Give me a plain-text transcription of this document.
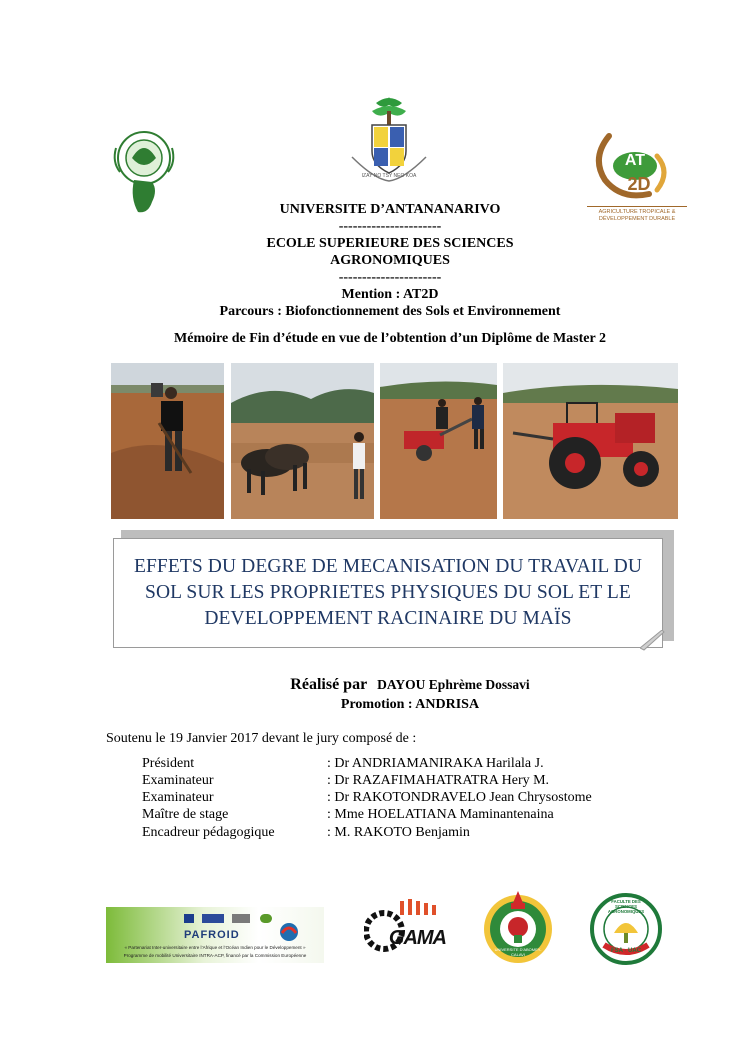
IZAY NO TSY NEO KOA
AT
2D
AGRICULTURE TROPICALE &
DÉVELOPPEMENT DURABLE
UNIVERSITE D’ANTANANARIVO
----------------------
ECOLE SUPERIEURE DES SCIENCES
AGRONOMIQUES
----------------------
Mention : AT2D
Parcours : Biofonctionnement des Sols et Environnement
Mémoire de Fin d’étude en vue de l’obtention d’un Diplôme de Master 2
EFFETS DU DEGRE DE MECANISATION DU TRAVAIL DU
SOL SUR LES PROPRIETES PHYSIQUES DU SOL ET LE
DEVELOPPEMENT RACINAIRE DU MAÏS
Réalisé par DAYOU Ephrème Dossavi
Promotion : ANDRISA
Soutenu le 19 Janvier 2017 devant le jury composé de :
Président	: Dr ANDRIAMANIRAKA Harilala J.
Examinateur	: Dr RAZAFIMAHATRATRA Hery M.
Examinateur	: Dr RAKOTONDRAVELO Jean Chrysostome
Maître de stage	: Mme HOELATIANA Maminantenaina
Encadreur pédagogique	: M. RAKOTO Benjamin

PAFROID
« Partenariat Inter-universitaire entre l’Afrique et l’Océan Indien pour le Développement »
Programme de mobilité Universitaire INTRA-ACP, financé par la Commission Européenne
GAMA
UNIVERSITE D'ABOMEY-CALAVI
FACULTE DES SCIENCES AGRONOMIQUES
FSA · UAC
